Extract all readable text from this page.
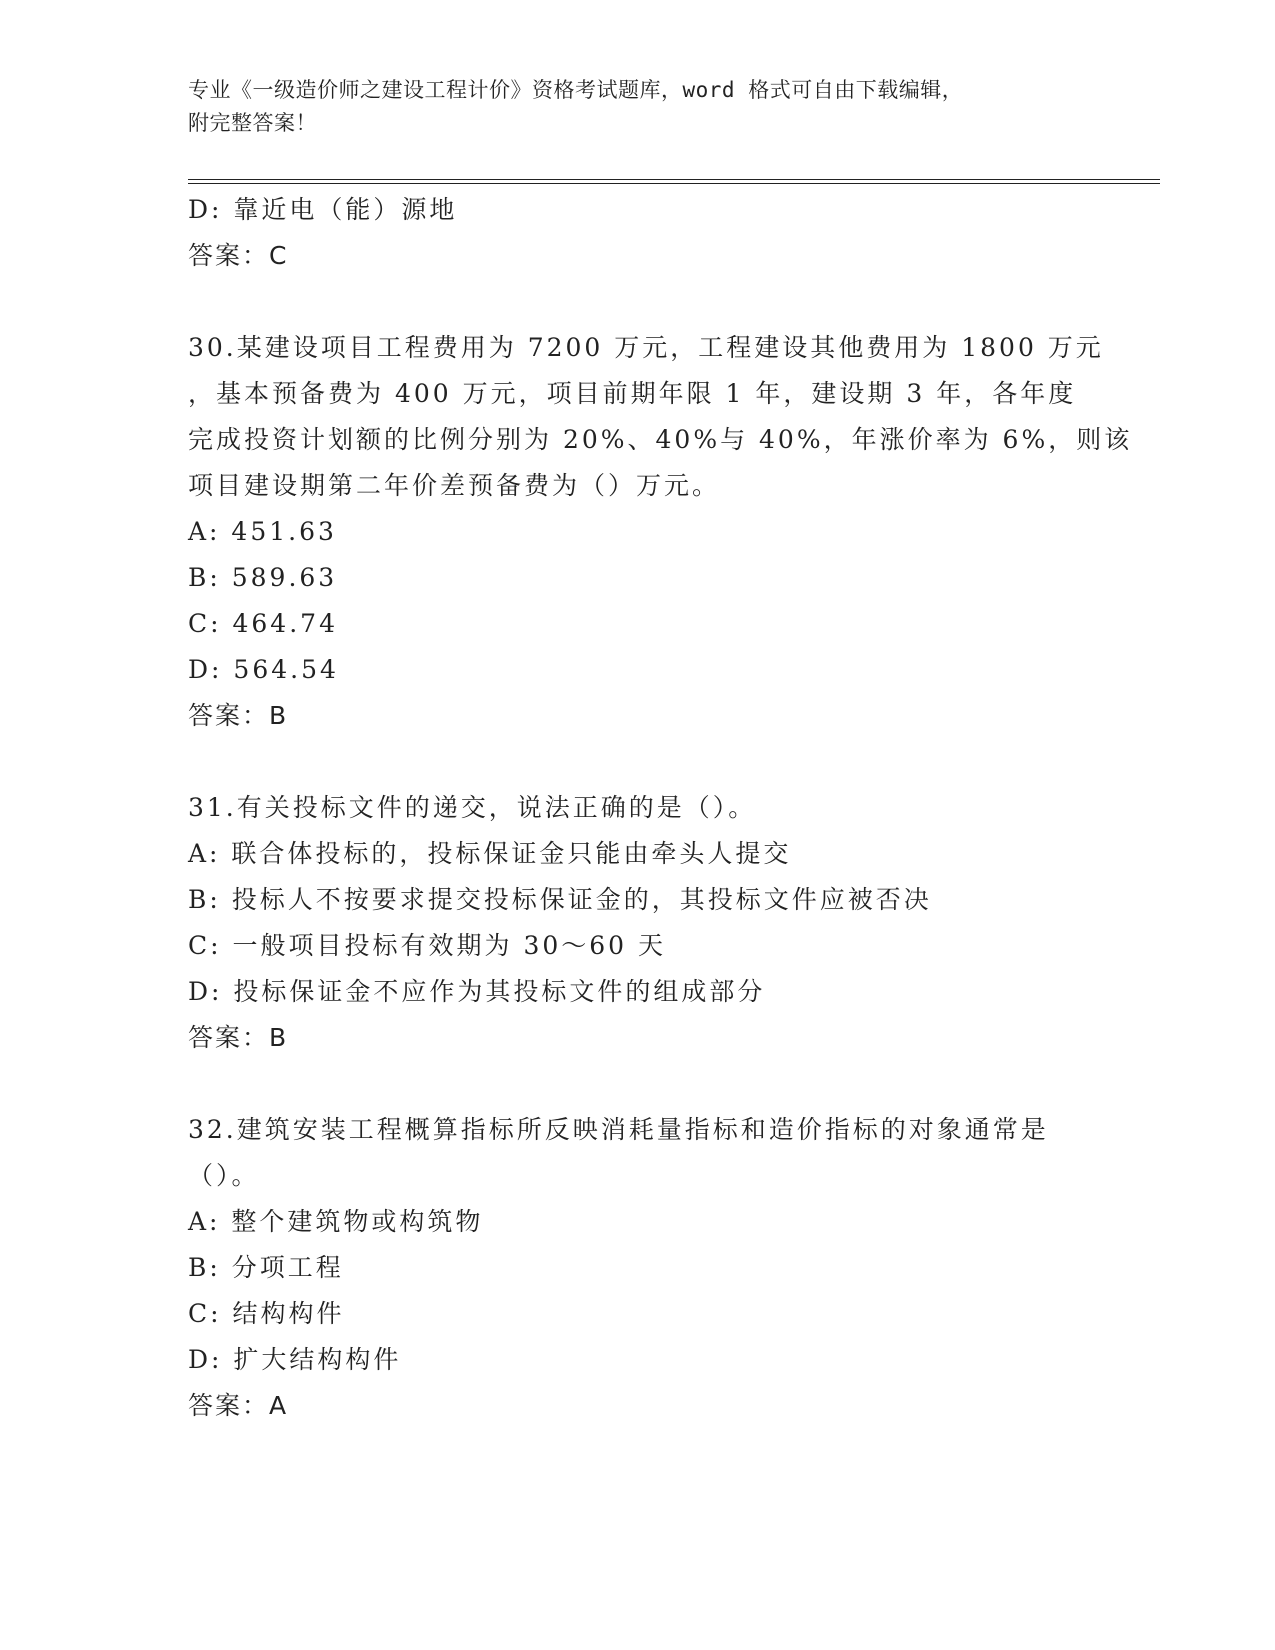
专业《一级造价师之建设工程计价》资格考试题库，word 格式可自由下载编辑，
附完整答案！
D: 靠近电（能）源地
答案：C
30.某建设项目工程费用为 7200 万元，工程建设其他费用为 1800 万元
，基本预备费为 400 万元，项目前期年限 1 年，建设期 3 年，各年度
完成投资计划额的比例分别为 20%、40%与 40%，年涨价率为 6%，则该
项目建设期第二年价差预备费为（）万元。
A: 451.63
B: 589.63
C: 464.74
D: 564.54
答案：B
31.有关投标文件的递交，说法正确的是（）。
A: 联合体投标的，投标保证金只能由牵头人提交
B: 投标人不按要求提交投标保证金的，其投标文件应被否决
C: 一般项目投标有效期为 30～60 天
D: 投标保证金不应作为其投标文件的组成部分
答案：B
32.建筑安装工程概算指标所反映消耗量指标和造价指标的对象通常是
（）。
A: 整个建筑物或构筑物
B: 分项工程
C: 结构构件
D: 扩大结构构件
答案：A
